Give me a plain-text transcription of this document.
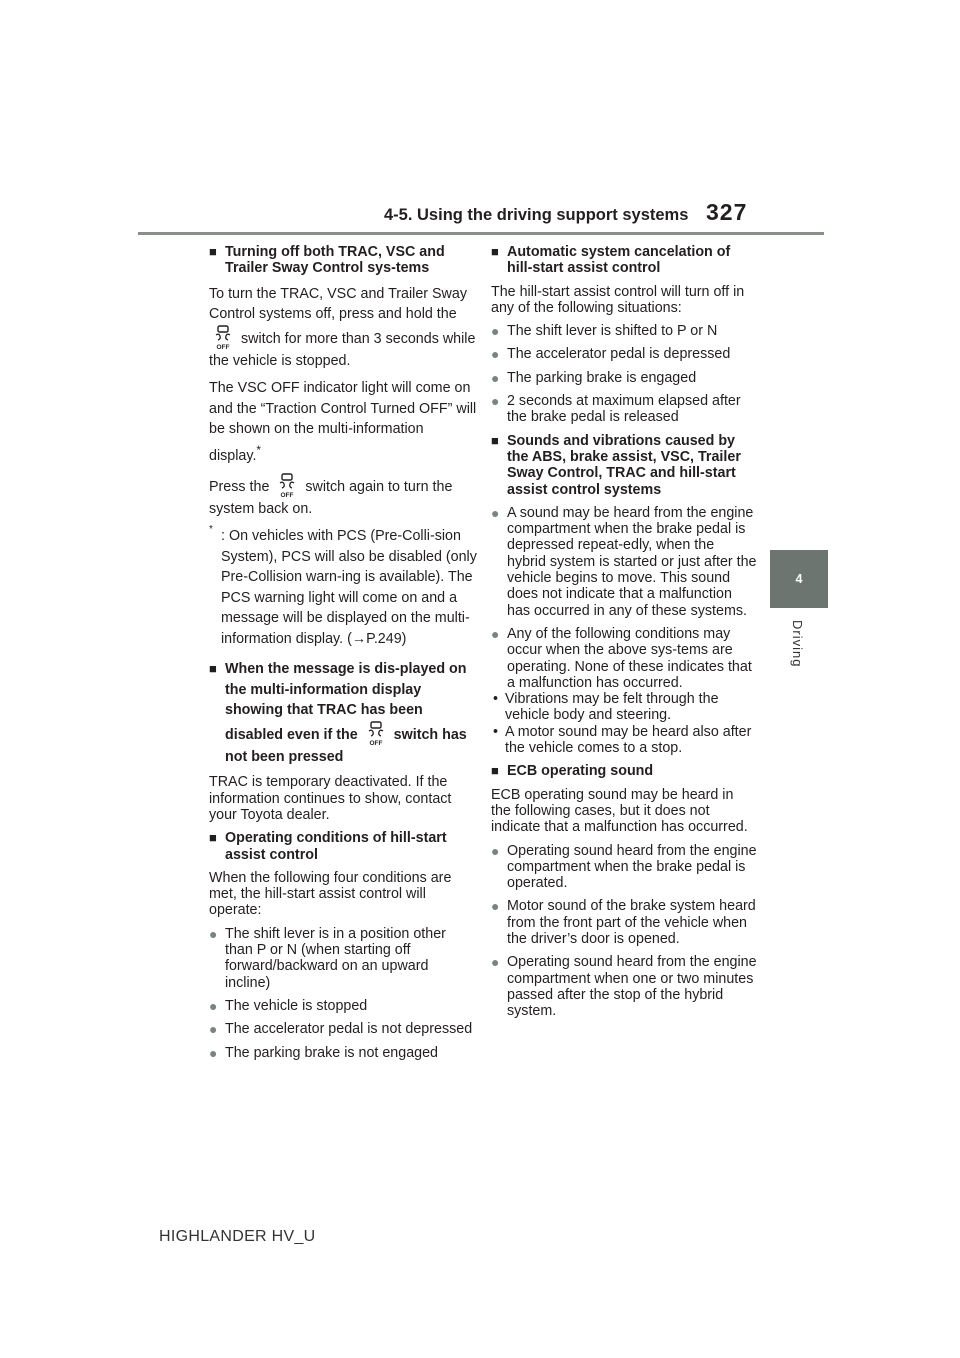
4-5. Using the driving support systems 327
4
Driving
■ Turning off both TRAC, VSC and Trailer Sway Control sys-tems

To turn the TRAC, VSC and Trailer Sway Control systems off, press and hold the
OFF
switch for more than 3 seconds while the vehicle is stopped.

The VSC OFF indicator light will come on and the “Traction Control Turned OFF” will be shown on the multi-information display.*

Press the
OFF
switch again to turn the system back on.

* : On vehicles with PCS (Pre-Colli-sion System), PCS will also be disabled (only Pre-Collision warn-ing is available). The PCS warning light will come on and a message will be displayed on the multi-information display. (→P.249)
■ When the message is dis-played on the multi-information display showing that TRAC has been disabled even if the
OFF
switch has not been pressed

TRAC is temporary deactivated. If the information continues to show, contact your Toyota dealer.

■ Operating conditions of hill-start assist control

When the following four conditions are met, the hill-start assist control will operate:

● The shift lever is in a position other than P or N (when starting off forward/backward on an upward incline)
● The vehicle is stopped
● The accelerator pedal is not depressed
● The parking brake is not engaged
■ Automatic system cancelation of hill-start assist control

The hill-start assist control will turn off in any of the following situations:

● The shift lever is shifted to P or N
● The accelerator pedal is depressed
● The parking brake is engaged
● 2 seconds at maximum elapsed after the brake pedal is released
■ Sounds and vibrations caused by the ABS, brake assist, VSC, Trailer Sway Control, TRAC and hill-start assist control systems
● A sound may be heard from the engine compartment when the brake pedal is depressed repeat-edly, when the hybrid system is started or just after the vehicle begins to move. This sound does not indicate that a malfunction has occurred in any of these systems.
● Any of the following conditions may occur when the above sys-tems are operating. None of these indicates that a malfunction has occurred.
• Vibrations may be felt through the vehicle body and steering.
• A motor sound may be heard also after the vehicle comes to a stop.
■ ECB operating sound

ECB operating sound may be heard in the following cases, but it does not indicate that a malfunction has occurred.

● Operating sound heard from the engine compartment when the brake pedal is operated.
● Motor sound of the brake system heard from the front part of the vehicle when the driver’s door is opened.
● Operating sound heard from the engine compartment when one or two minutes passed after the stop of the hybrid system.
HIGHLANDER HV_U
